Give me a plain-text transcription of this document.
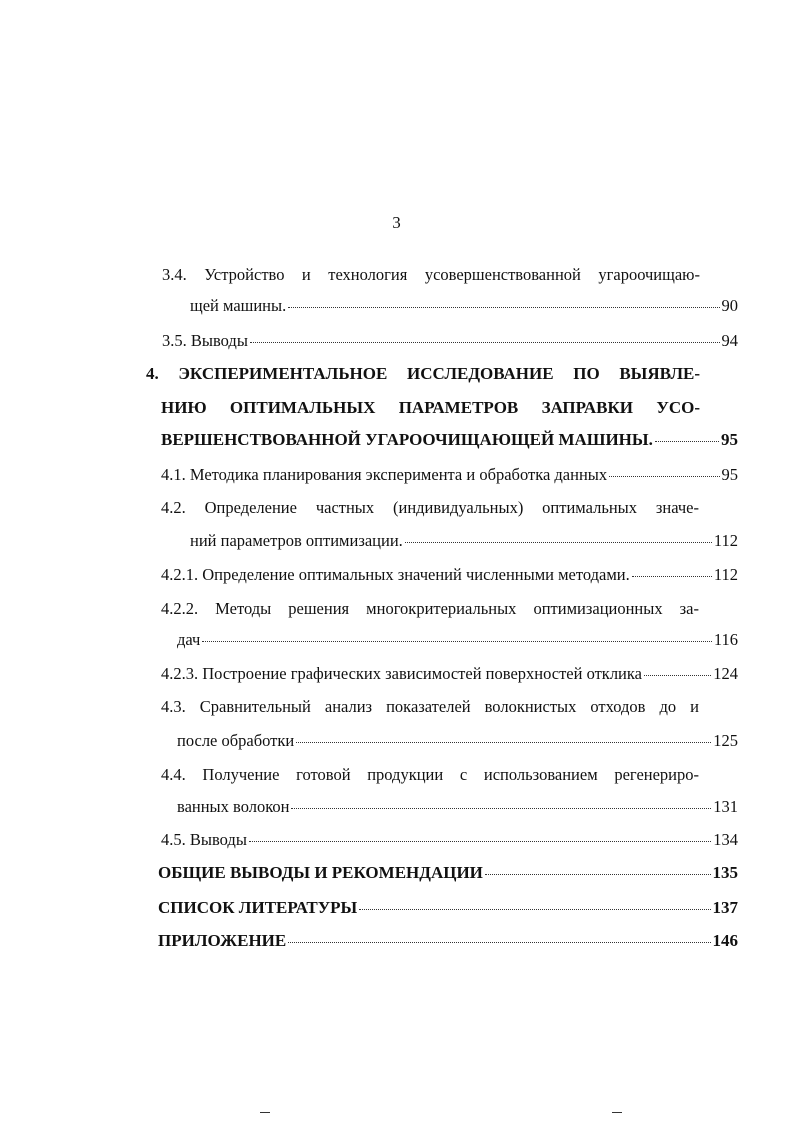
3
3.4. Устройство и технология усовершенствованной угароочищаю-
щей машины.	90
3.5. Выводы	94
4. ЭКСПЕРИМЕНТАЛЬНОЕ ИССЛЕДОВАНИЕ ПО ВЫЯВЛЕ-
НИЮ ОПТИМАЛЬНЫХ ПАРАМЕТРОВ ЗАПРАВКИ УСО-
ВЕРШЕНСТВОВАННОЙ УГАРООЧИЩАЮЩЕЙ МАШИНЫ.	95
4.1. Методика планирования эксперимента и обработка данных	95
4.2. Определение частных (индивидуальных) оптимальных значе-
ний параметров оптимизации.	112
4.2.1. Определение оптимальных значений численными методами.	112
4.2.2. Методы решения многокритериальных оптимизационных за-
дач	116
4.2.3. Построение графических зависимостей поверхностей отклика	124
4.3. Сравнительный анализ показателей волокнистых отходов до и
после обработки	125
4.4. Получение готовой продукции с использованием регенериро-
ванных волокон	131
4.5. Выводы	134
ОБЩИЕ ВЫВОДЫ И РЕКОМЕНДАЦИИ	135
СПИСОК ЛИТЕРАТУРЫ	137
ПРИЛОЖЕНИЕ	146
